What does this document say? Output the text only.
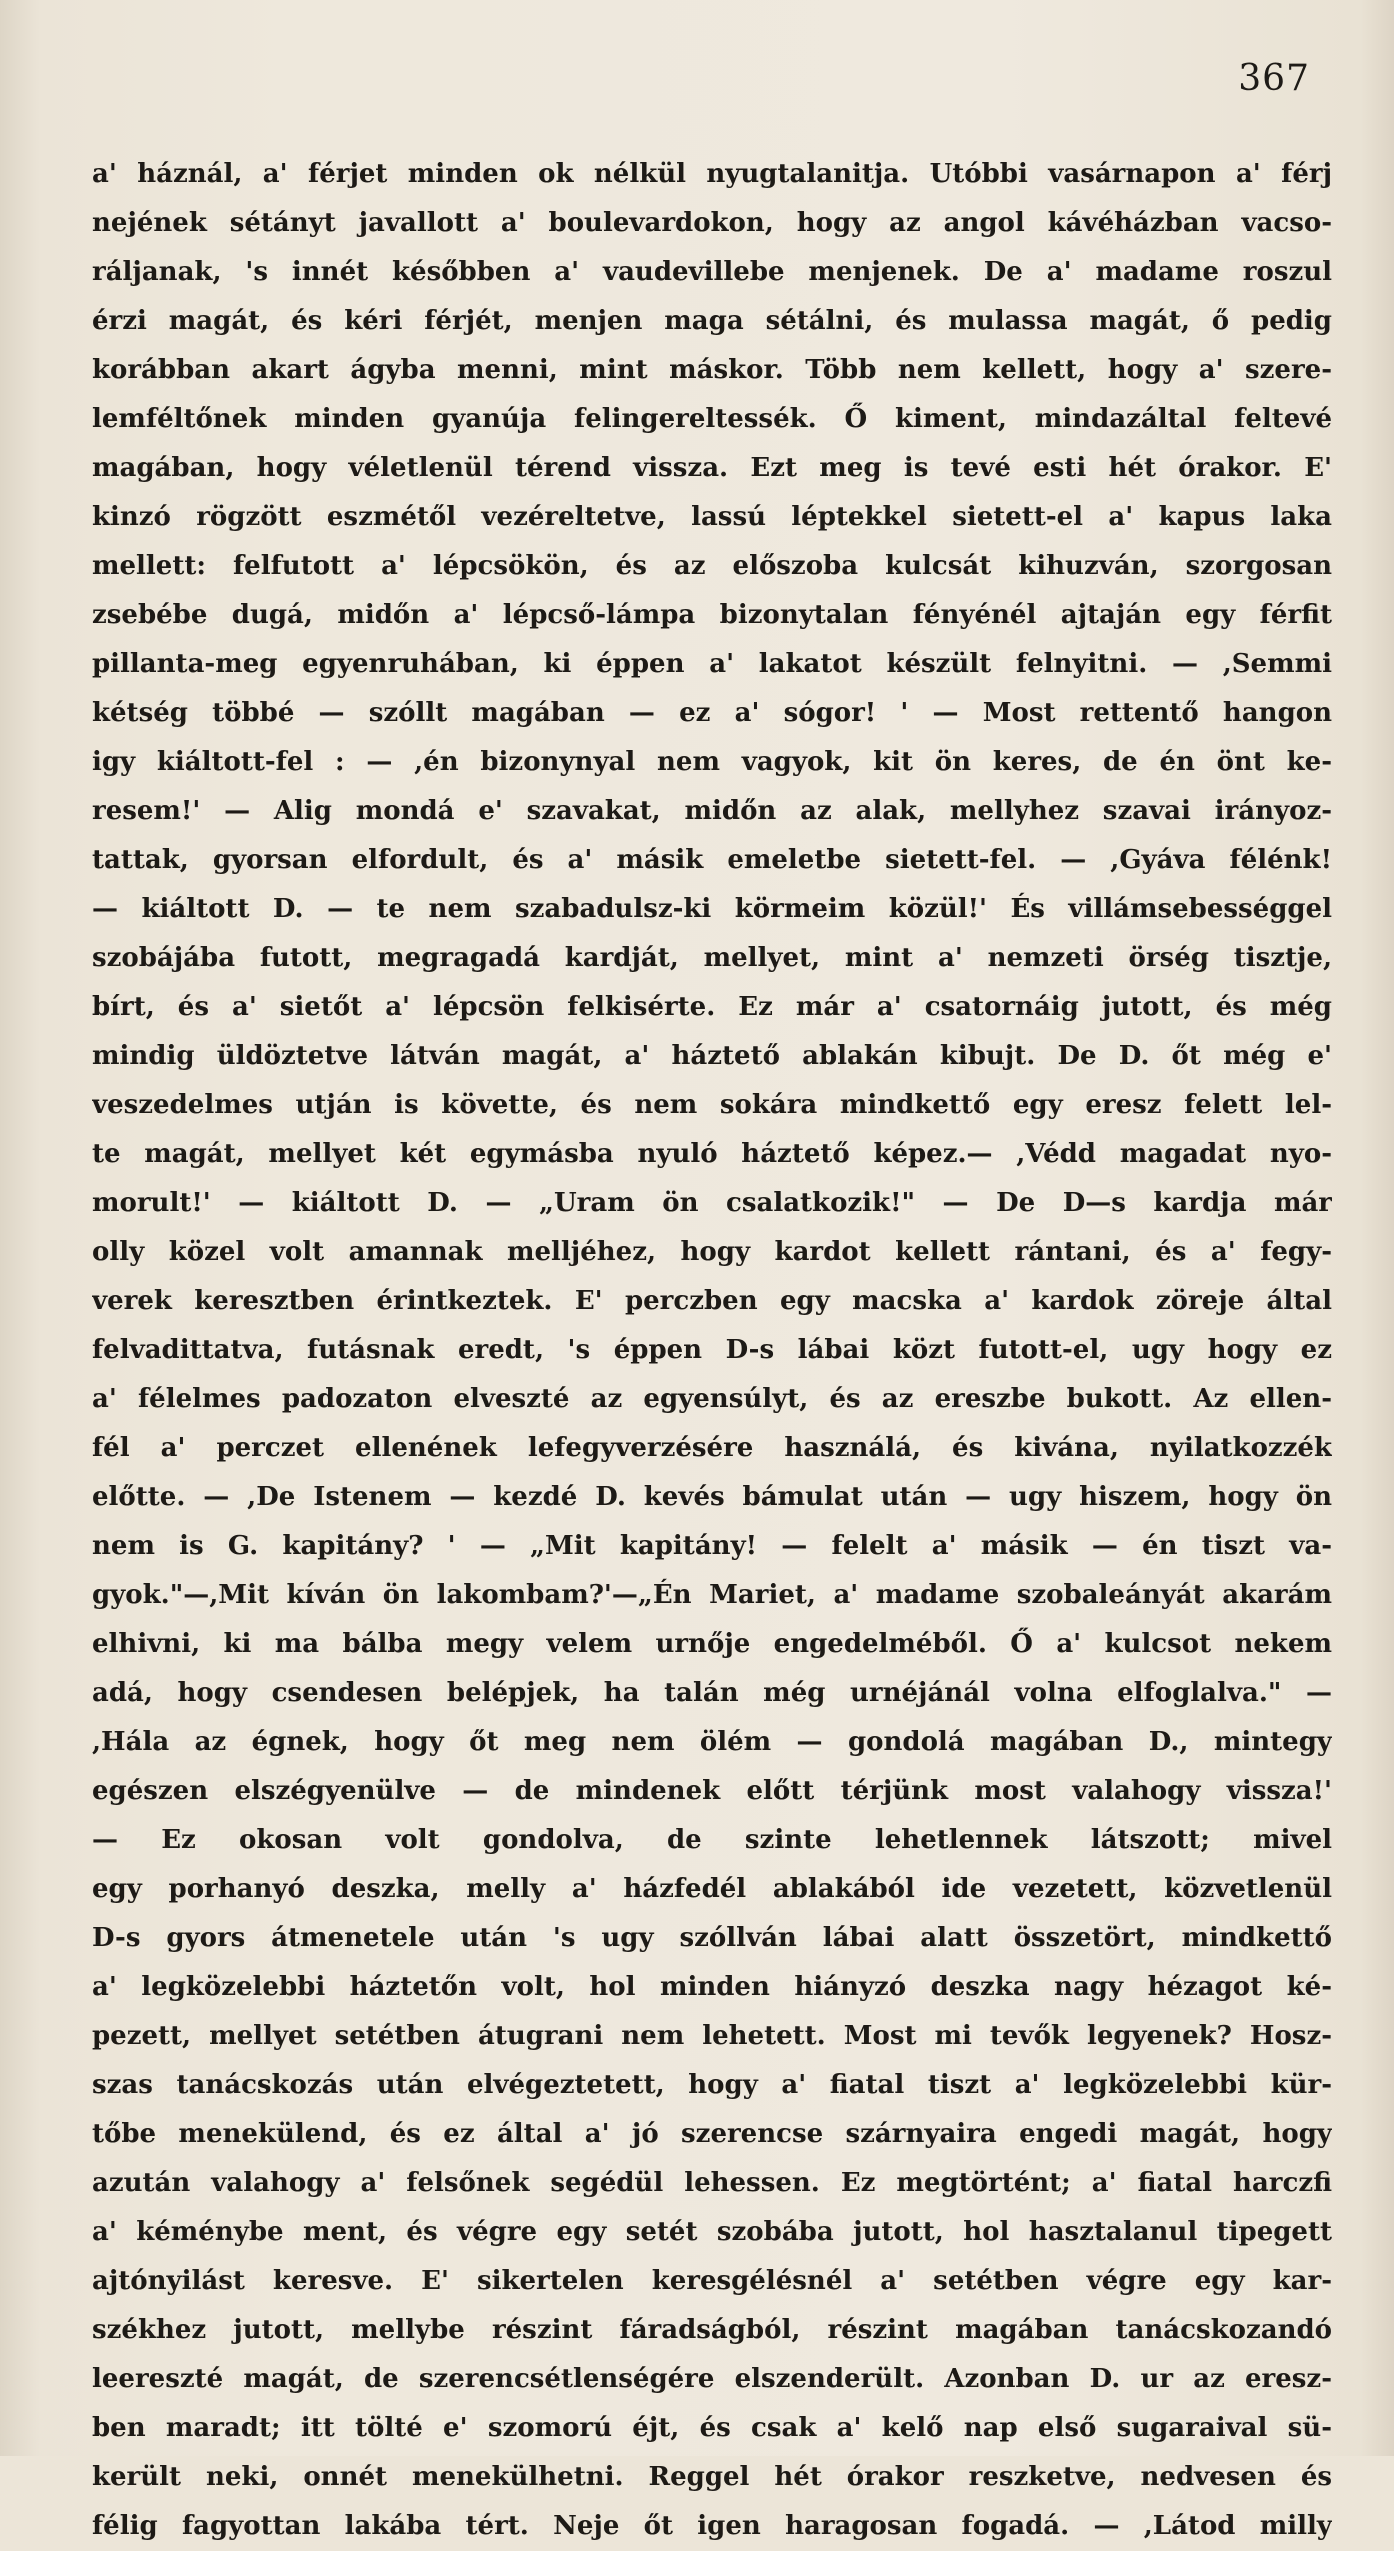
367
a' háznál, a' férjet minden ok nélkül nyugtalanitja. Utóbbi vasárnapon a' férj
nejének sétányt javallott a' boulevardokon, hogy az angol kávéházban vacso-
ráljanak, 's innét későbben a' vaudevillebe menjenek. De a' madame roszul
érzi magát, és kéri férjét, menjen maga sétálni, és mulassa magát, ő pedig
korábban akart ágyba menni, mint máskor. Több nem kellett, hogy a' szere-
lemféltőnek minden gyanúja felingereltessék. Ő kiment, mindazáltal feltevé
magában, hogy véletlenül térend vissza. Ezt meg is tevé esti hét órakor. E'
kinzó rögzött eszmétől vezéreltetve, lassú léptekkel sietett-el a' kapus laka
mellett: felfutott a' lépcsökön, és az előszoba kulcsát kihuzván, szorgosan
zsebébe dugá, midőn a' lépcső-lámpa bizonytalan fényénél ajtaján egy férfit
pillanta-meg egyenruhában, ki éppen a' lakatot készült felnyitni. — ,Semmi
kétség többé — szóllt magában — ez a' sógor! ' — Most rettentő hangon
igy kiáltott-fel : — ,én bizonynyal nem vagyok, kit ön keres, de én önt ke-
resem!' — Alig mondá e' szavakat, midőn az alak, mellyhez szavai irányoz-
tattak, gyorsan elfordult, és a' másik emeletbe sietett-fel. — ,Gyáva félénk!
— kiáltott D. — te nem szabadulsz-ki körmeim közül!' És villámsebességgel
szobájába futott, megragadá kardját, mellyet, mint a' nemzeti örség tisztje,
bírt, és a' sietőt a' lépcsön felkisérte. Ez már a' csatornáig jutott, és még
mindig üldöztetve látván magát, a' háztető ablakán kibujt. De D. őt még e'
veszedelmes utján is követte, és nem sokára mindkettő egy eresz felett lel-
te magát, mellyet két egymásba nyuló háztető képez.— ,Védd magadat nyo-
morult!' — kiáltott D. — „Uram ön csalatkozik!" — De D—s kardja már
olly közel volt amannak melljéhez, hogy kardot kellett rántani, és a' fegy-
verek keresztben érintkeztek. E' perczben egy macska a' kardok zöreje által
felvadittatva, futásnak eredt, 's éppen D-s lábai közt futott-el, ugy hogy ez
a' félelmes padozaton elveszté az egyensúlyt, és az ereszbe bukott. Az ellen-
fél a' perczet ellenének lefegyverzésére használá, és kivánа, nyilatkozzék
előtte. — ,De Istenem — kezdé D. kevés bámulat után — ugy hiszem, hogy ön
nem is G. kapitány? ' — „Mit kapitány! — felelt a' másik — én tiszt va-
gyok."—,Mit kíván ön lakombam?'—„Én Mariet, a' madame szobaleányát akarám
elhivni, ki ma bálba megy velem urnője engedelméből. Ő a' kulcsot nekem
adá, hogy csendesen belépjek, ha talán még urnéjánál volna elfoglalva." —
,Hála az égnek, hogy őt meg nem ölém — gondolá magában D., mintegy
egészen elszégyenülve — de mindenek előtt térjünk most valahogy vissza!'
— Ez okosan volt gondolva, de szinte lehetlennek látszott; mivel
egy porhanyó deszka, melly a' házfedél ablakából ide vezetett, közvetlenül
D-s gyors átmenetele után 's ugy szóllván lábai alatt összetört, mindkettő
a' legközelebbi háztetőn volt, hol minden hiányzó deszka nagy hézagot ké-
pezett, mellyet setétben átugrani nem lehetett. Most mi tevők legyenek? Hosz-
szas tanácskozás után elvégeztetett, hogy a' fiatal tiszt a' legközelebbi kür-
tőbe menekülend, és ez által a' jó szerencse szárnyaira engedi magát, hogy
azután valahogy a' felsőnek segédül lehessen. Ez megtörtént; a' fiatal harczfi
a' kéménybe ment, és végre egy setét szobába jutott, hol hasztalanul tipegett
ajtónyilást keresve. E' sikertelen keresgélésnél a' setétben végre egy kar-
székhez jutott, mellybe részint fáradságból, részint magában tanácskozandó
leereszté magát, de szerencsétlenségére elszenderült. Azonban D. ur az eresz-
ben maradt; itt tölté e' szomorú éjt, és csak a' kelő nap első sugaraival sü-
került neki, onnét menekülhetni. Reggel hét órakor reszketve, nedvesen és
félig fagyottan lakába tért. Neje őt igen haragosan fogadá. — ,Látod milly
